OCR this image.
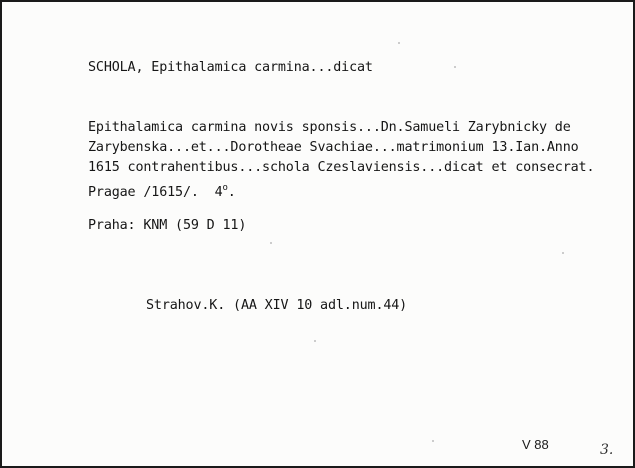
SCHOLA, Epithalamica carmina...dicat
Epithalamica carmina novis sponsis...Dn.Samueli Zarybnicky de
Zarybenska...et...Dorotheae Svachiae...matrimonium 13.Ian.Anno
1615 contrahentibus...schola Czeslaviensis...dicat et consecrat.
Pragae /1615/.  4$^o$.
Praha: KNM (59 D 11)
Strahov.K. (AA XIV 10 adl.num.44)
V 88	3.
